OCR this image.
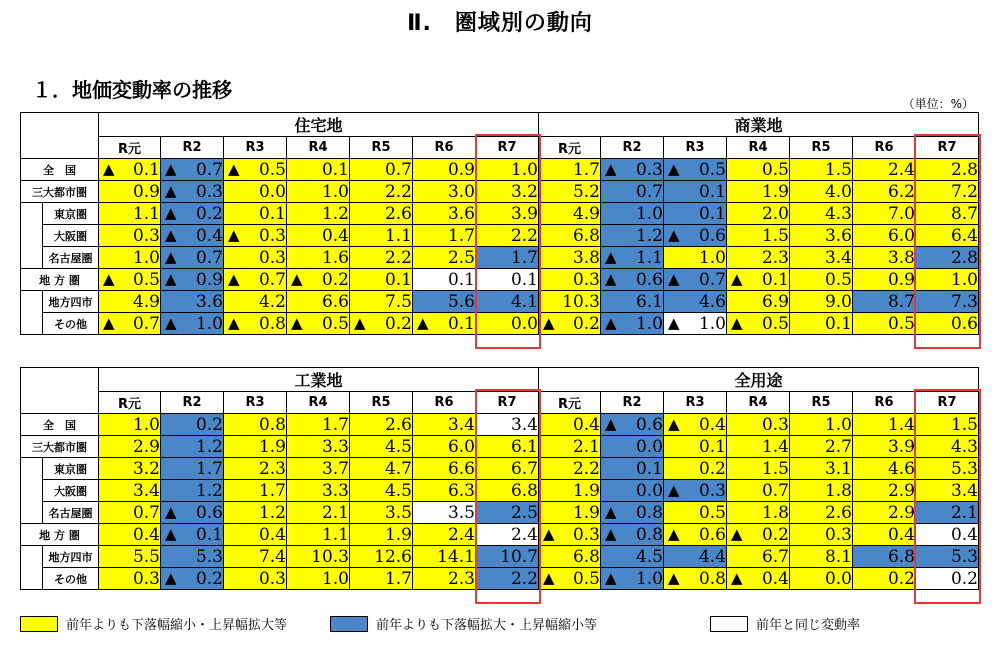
Ⅱ.　圏域別の動向
１．地価変動率の推移
（単位：%）
		住宅地							商業地						
		R元	R2	R3	R4	R5	R6	R7	R元	R2	R3	R4	R5	R6	R7
全　国		▲ 0.1	▲ 0.7	▲ 0.5	0.1	0.7	0.9	1.0	1.7	▲ 0.3	▲ 0.5	0.5	1.5	2.4	2.8
三大都市圏		0.9	▲ 0.3	0.0	1.0	2.2	3.0	3.2	5.2	0.7	0.1	1.9	4.0	6.2	7.2
	東京圏	1.1	▲ 0.2	0.1	1.2	2.6	3.6	3.9	4.9	1.0	0.1	2.0	4.3	7.0	8.7
	大阪圏	0.3	▲ 0.4	▲ 0.3	0.4	1.1	1.7	2.2	6.8	1.2	▲ 0.6	1.5	3.6	6.0	6.4
	名古屋圏	1.0	▲ 0.7	0.3	1.6	2.2	2.5	1.7	3.8	▲ 1.1	1.0	2.3	3.4	3.8	2.8
地 方 圏		▲ 0.5	▲ 0.9	▲ 0.7	▲ 0.2	0.1	0.1	0.1	0.3	▲ 0.6	▲ 0.7	▲ 0.1	0.5	0.9	1.0
	地方四市	4.9	3.6	4.2	6.6	7.5	5.6	4.1	10.3	6.1	4.6	6.9	9.0	8.7	7.3
	その他	▲ 0.7	▲ 1.0	▲ 0.8	▲ 0.5	▲ 0.2	▲ 0.1	0.0	▲ 0.2	▲ 1.0	▲ 1.0	▲ 0.5	0.1	0.5	0.6
		工業地							全用途						
		R元	R2	R3	R4	R5	R6	R7	R元	R2	R3	R4	R5	R6	R7
全　国		1.0	0.2	0.8	1.7	2.6	3.4	3.4	0.4	▲ 0.6	▲ 0.4	0.3	1.0	1.4	1.5
三大都市圏		2.9	1.2	1.9	3.3	4.5	6.0	6.1	2.1	0.0	0.1	1.4	2.7	3.9	4.3
	東京圏	3.2	1.7	2.3	3.7	4.7	6.6	6.7	2.2	0.1	0.2	1.5	3.1	4.6	5.3
	大阪圏	3.4	1.2	1.7	3.3	4.5	6.3	6.8	1.9	0.0	▲ 0.3	0.7	1.8	2.9	3.4
	名古屋圏	0.7	▲ 0.6	1.2	2.1	3.5	3.5	2.5	1.9	▲ 0.8	0.5	1.8	2.6	2.9	2.1
地 方 圏		0.4	▲ 0.1	0.4	1.1	1.9	2.4	2.4	▲ 0.3	▲ 0.8	▲ 0.6	▲ 0.2	0.3	0.4	0.4
	地方四市	5.5	5.3	7.4	10.3	12.6	14.1	10.7	6.8	4.5	4.4	6.7	8.1	6.8	5.3
	その他	0.3	▲ 0.2	0.3	1.0	1.7	2.3	2.2	▲ 0.5	▲ 1.0	▲ 0.8	▲ 0.4	0.0	0.2	0.2
前年よりも下落幅縮小・上昇幅拡大等	前年よりも下落幅拡大・上昇幅縮小等	前年と同じ変動率
